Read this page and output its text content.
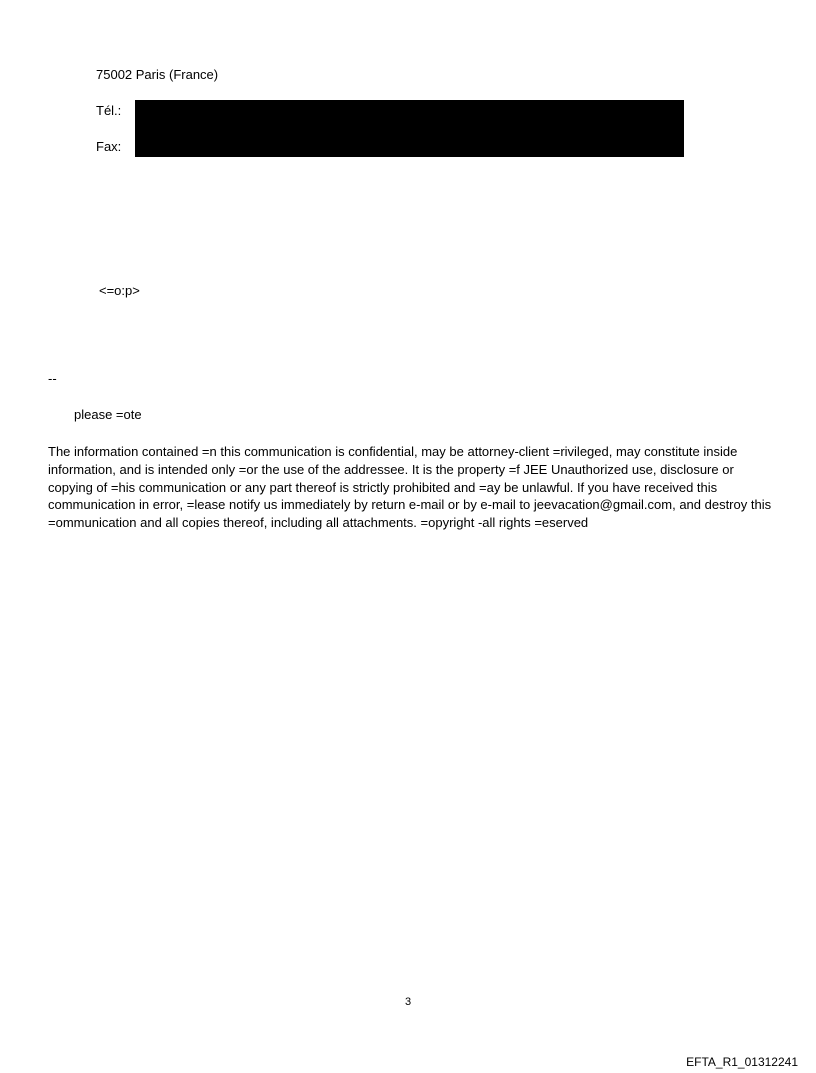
75002 Paris (France)
Tél.:
Fax:
<=o:p>
--
please =ote
The information contained =n this communication is confidential, may be attorney-client =rivileged, may constitute inside information, and is intended only =or the use of the addressee. It is the property =f JEE Unauthorized use, disclosure or copying of =his communication or any part thereof is strictly prohibited and =ay be unlawful. If you have received this communication in error, =lease notify us immediately by return e-mail or by e-mail to jeevacation@gmail.com, and destroy this =ommunication and all copies thereof, including all attachments. =opyright -all rights =eserved
3
EFTA_R1_01312241
